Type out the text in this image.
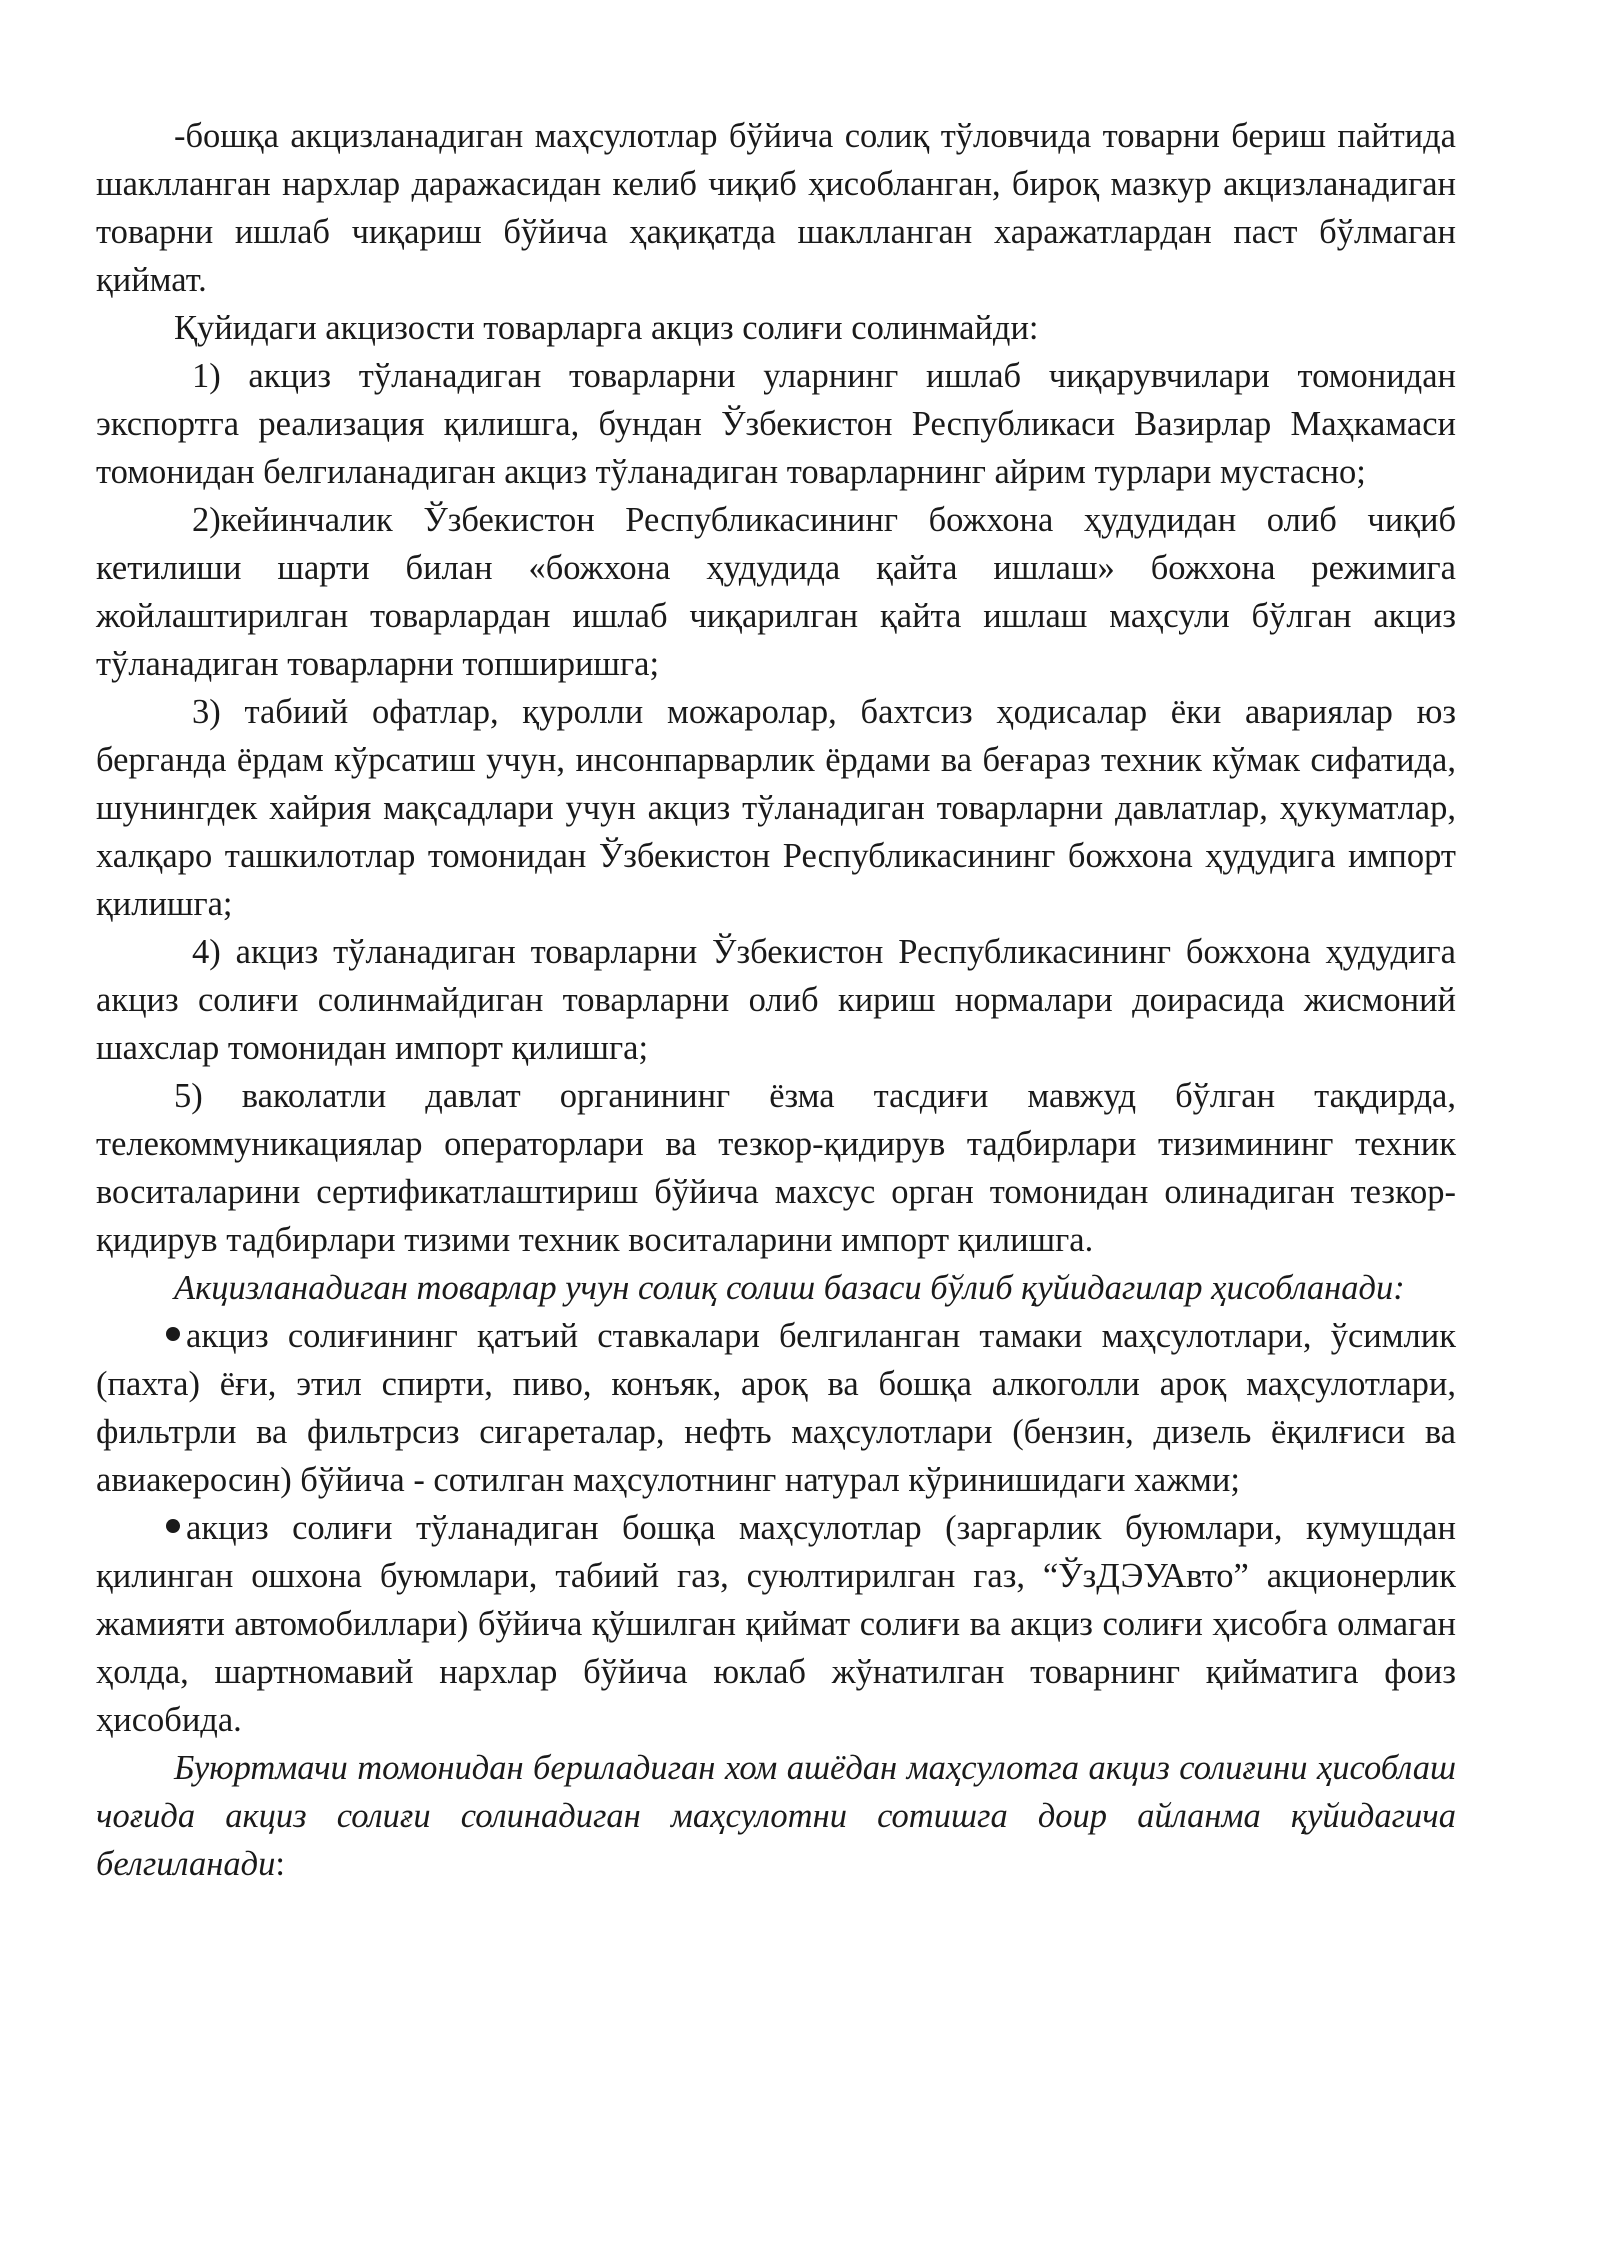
-бошқа акцизланадиган маҳсулотлар бўйича солиқ тўловчида товарни бериш пайтида шаклланган нархлар даражасидан келиб чиқиб ҳисобланган, бироқ мазкур акцизланадиган товарни ишлаб чиқариш бўйича ҳақиқатда шаклланган харажатлардан паст бўлмаган қиймат.

Қуйидаги акцизости товарларга акциз солиғи солинмайди:

1) акциз тўланадиган товарларни уларнинг ишлаб чиқарувчилари томонидан экспортга реализация қилишга, бундан Ўзбекистон Республикаси Вазирлар Маҳкамаси томонидан белгиланадиган акциз тўланадиган товарларнинг айрим турлари мустасно;

2)кейинчалик Ўзбекистон Республикасининг божхона ҳудудидан олиб чиқиб кетилиши шарти билан «божхона ҳудудида қайта ишлаш» божхона режимига жойлаштирилган товарлардан ишлаб чиқарилган қайта ишлаш маҳсули бўлган акциз тўланадиган товарларни топширишга;

3) табиий офатлар, қуролли можаролар, бахтсиз ҳодисалар ёки авариялар юз берганда ёрдам кўрсатиш учун, инсонпарварлик ёрдами ва беғараз техник кўмак сифатида, шунингдек хайрия мақсадлари учун акциз тўланадиган товарларни давлатлар, ҳукуматлар, халқаро ташкилотлар томонидан Ўзбекистон Республикасининг божхона ҳудудига импорт қилишга;

4) акциз тўланадиган товарларни Ўзбекистон Республикасининг божхона ҳудудига акциз солиғи солинмайдиган товарларни олиб кириш нормалари доирасида жисмоний шахслар томонидан импорт қилишга;

5) ваколатли давлат органининг ёзма тасдиғи мавжуд бўлган тақдирда, телекоммуникациялар операторлари ва тезкор-қидирув тадбирлари тизимининг техник воситаларини сертификатлаштириш бўйича махсус орган томонидан олинадиган тезкор-қидирув тадбирлари тизими техник воситаларини импорт қилишга.

Акцизланадиган товарлар учун солиқ солиш базаси бўлиб қуйидагилар ҳисобланади:

акциз солиғининг қатъий ставкалари белгиланган тамаки маҳсулотлари, ўсимлик (пахта) ёғи, этил спирти, пиво, конъяк, ароқ ва бошқа алкоголли ароқ маҳсулотлари, фильтрли ва фильтрсиз сигареталар, нефть маҳсулотлари (бензин, дизель ёқилғиси ва авиакеросин) бўйича - сотилган маҳсулотнинг натурал кўринишидаги хажми;

акциз солиғи тўланадиган бошқа маҳсулотлар (заргарлик буюмлари, кумушдан қилинган ошхона буюмлари, табиий газ, суюлтирилган газ, “ЎзДЭУАвто” акционерлик жамияти автомобиллари) бўйича қўшилган қиймат солиғи ва акциз солиғи ҳисобга олмаган ҳолда, шартномавий нархлар бўйича юклаб жўнатилган товарнинг қийматига фоиз ҳисобида.

Буюртмачи томонидан бериладиган хом ашёдан маҳсулотга акциз солиғини ҳисоблаш чоғида акциз солиғи солинадиган маҳсулотни сотишга доир айланма қуйидагича белгиланади:
